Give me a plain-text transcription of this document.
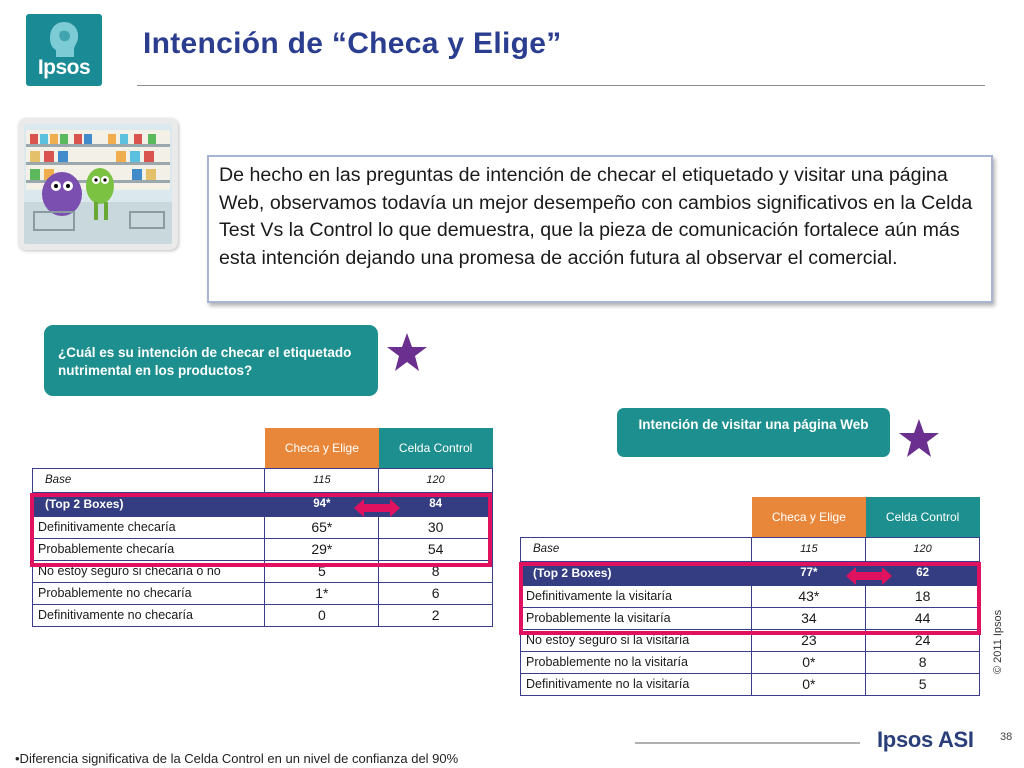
Ipsos
Intención de “Checa y Elige”

De hecho en las preguntas de intención de checar el etiquetado y visitar una página Web, observamos todavía un mejor desempeño con cambios significativos en la Celda Test Vs la Control lo que demuestra, que la pieza de comunicación fortalece aún más esta intención dejando una promesa de acción futura al observar el comercial.

¿Cuál es su intención de checar el etiquetado nutrimental en los productos?
Intención de visitar una página Web
	Checa y Elige	Celda Control
Base	115	120
(Top 2 Boxes)	94*	84
Definitivamente checaría	65*	30
Probablemente checaría	29*	54
No estoy seguro si checaría o no	5	8
Probablemente no checaría	1*	6
Definitivamente no checaría	0	2
	Checa y Elige	Celda Control
Base	115	120
(Top 2 Boxes)	77*	62
Definitivamente la visitaría	43*	18
Probablemente la visitaría	34	44
No estoy seguro si la visitaría	23	24
Probablemente no la visitaría	0*	8
Definitivamente no la visitaría	0*	5
© 2011 Ipsos
Ipsos ASI 38
•Diferencia significativa de la Celda Control en un nivel de confianza del 90%
